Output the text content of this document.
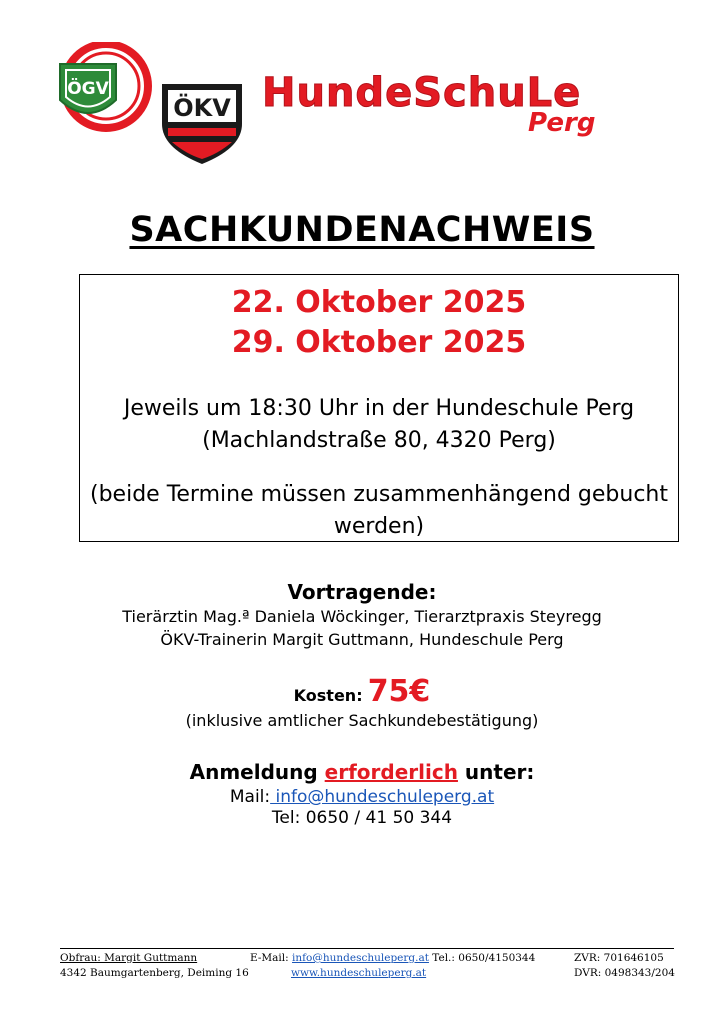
ÖGV
ÖKV HundeSchuLe
Perg
SACHKUNDENACHWEIS
22. Oktober 2025
29. Oktober 2025
Jeweils um 18:30 Uhr in der Hundeschule Perg
(Machlandstraße 80, 4320 Perg)
(beide Termine müssen zusammenhängend gebucht
werden)
Vortragende:
Tierärztin Mag.ª Daniela Wöckinger, Tierarztpraxis Steyregg
ÖKV-Trainerin Margit Guttmann, Hundeschule Perg
Kosten: 75€
(inklusive amtlicher Sachkundebestätigung)
Anmeldung erforderlich unter:
Mail: info@hundeschuleperg.at
Tel: 0650 / 41 50 344
Obfrau: Margit Guttmann
4342 Baumgartenberg, Deiming 16
E-Mail: info@hundeschuleperg.at Tel.: 0650/4150344
www.hundeschuleperg.at
ZVR: 701646105
DVR: 0498343/204
